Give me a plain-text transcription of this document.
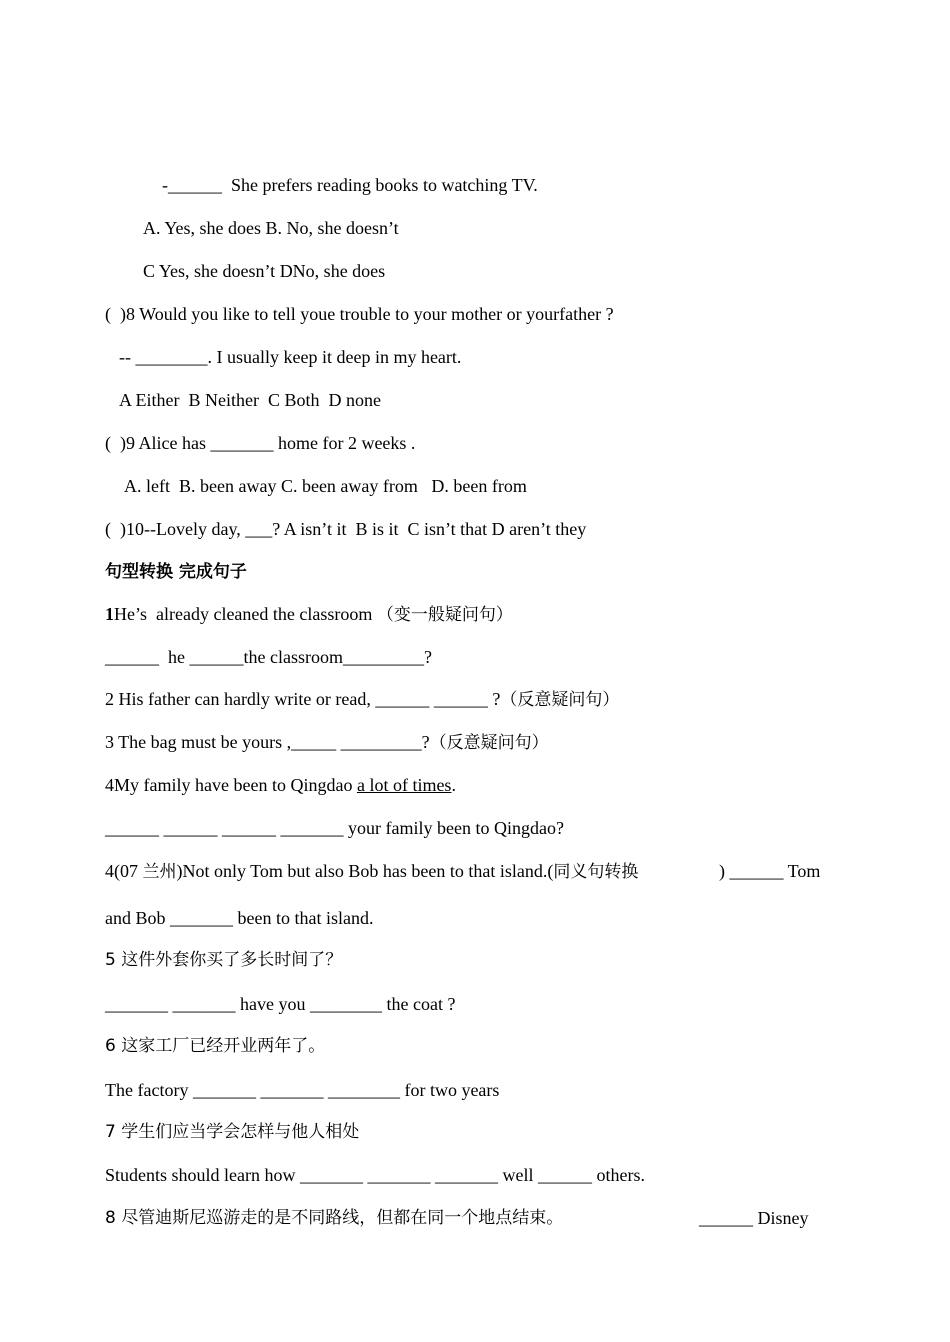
-______  She prefers reading books to watching TV.
A. Yes, she does B. No, she doesn’t
C Yes, she doesn’t DNo, she does
(  )8 Would you like to tell youe trouble to your mother or yourfather ?
-- ________. I usually keep it deep in my heart.
A Either  B Neither  C Both  D none
(  )9 Alice has _______ home for 2 weeks .
A. left  B. been away C. been away from   D. been from
(  )10--Lovely day, ___? A isn’t it  B is it  C isn’t that D aren’t they
句型转换 完成句子
1He’s  already cleaned the classroom （变一般疑问句）
______  he ______the classroom_________?
2 His father can hardly write or read, ______ ______ ?（反意疑问句）
3 The bag must be yours ,_____ _________?（反意疑问句）
4My family have been to Qingdao a lot of times.
______ ______ ______ _______ your family been to Qingdao?
4(07 兰州)Not only Tom but also Bob has been to that island.(同义句转换	) ______ Tom
and Bob _______ been to that island.
5 这件外套你买了多长时间了？
_______ _______ have you ________ the coat ?
6 这家工厂已经开业两年了。
The factory _______ _______ ________ for two years
7 学生们应当学会怎样与他人相处
Students should learn how _______ _______ _______ well ______ others.
8 尽管迪斯尼巡游走的是不同路线，但都在同一个地点结束。	______ Disney
